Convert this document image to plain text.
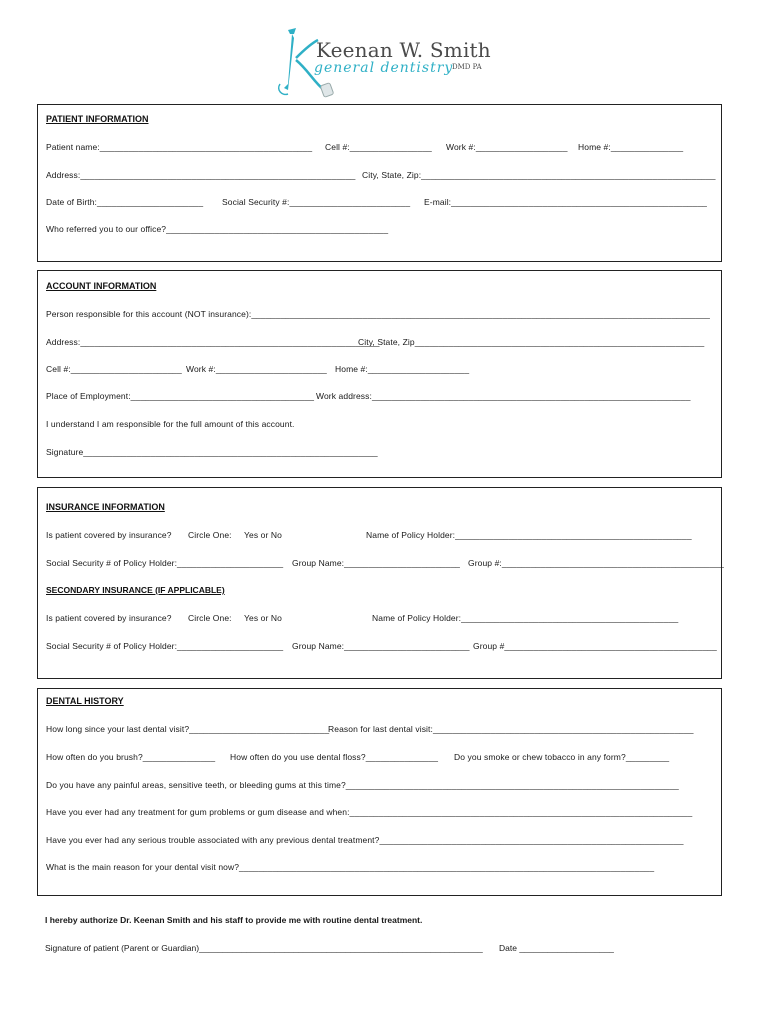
Keenan W. Smith
general dentistry
DMD PA
PATIENT INFORMATION
Patient name:____________________________________________ Cell #:_________________ Work #:___________________ Home #:_______________
Address:_________________________________________________________ City, State, Zip:_____________________________________________________________
Date of Birth:______________________ Social Security #:_________________________ E-mail:_____________________________________________________
Who referred you to our office?______________________________________________
ACCOUNT INFORMATION
Person responsible for this account (NOT insurance):_______________________________________________________________________________________________
Address:______________________________________________________________
City, State, Zip____________________________________________________________
Cell #:_______________________ Work #:_______________________ Home #:_____________________
Place of Employment:______________________________________ Work address:__________________________________________________________________
I understand I am responsible for the full amount of this account.
Signature_____________________________________________________________
INSURANCE INFORMATION
Is patient covered by insurance? Circle One: Yes or No	Name of Policy Holder:_________________________________________________
Social Security # of Policy Holder:______________________ Group Name:________________________ Group #:______________________________________________
SECONDARY INSURANCE (IF APPLICABLE)
Is patient covered by insurance? Circle One: Yes or No	Name of Policy Holder:_____________________________________________
Social Security # of Policy Holder:______________________ Group Name:__________________________ Group #____________________________________________
DENTAL HISTORY
How long since your last dental visit?_____________________________
Reason for last dental visit:______________________________________________________
How often do you brush?_______________ How often do you use dental floss?_______________ Do you smoke or chew tobacco in any form?_________
Do you have any painful areas, sensitive teeth, or bleeding gums at this time?_____________________________________________________________________
Have you ever had any treatment for gum problems or gum disease and when:_______________________________________________________________________
Have you ever had any serious trouble associated with any previous dental treatment?_______________________________________________________________
What is the main reason for your dental visit now?______________________________________________________________________________________
I hereby authorize Dr. Keenan Smith and his staff to provide me with routine dental treatment.
Signature of patient (Parent or Guardian)____________________________________________________________ Date ____________________
